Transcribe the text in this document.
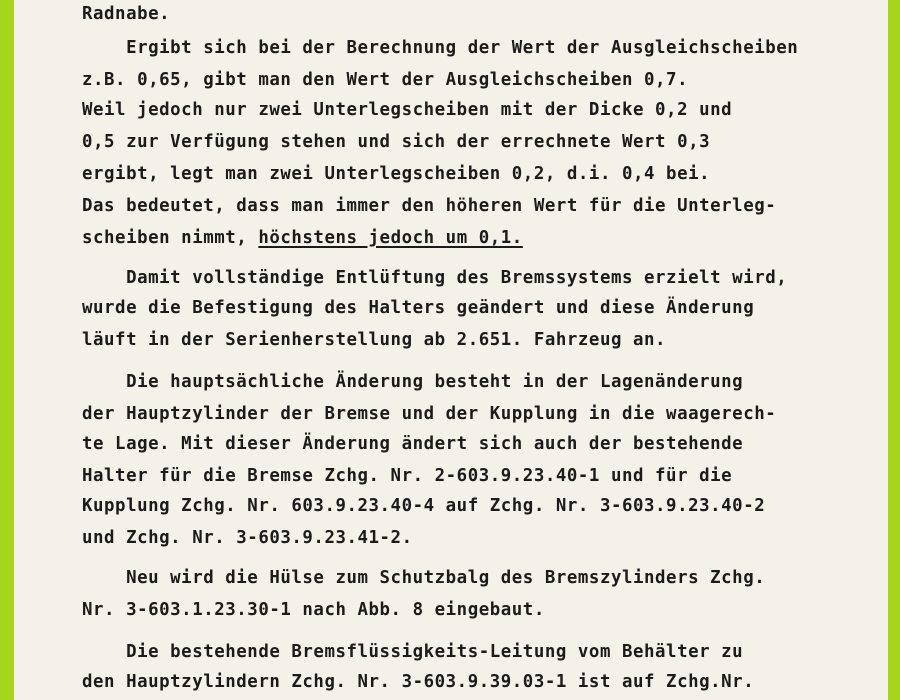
Radnabe.
Ergibt sich bei der Berechnung der Wert der Ausgleichscheiben
z.B. 0,65, gibt man den Wert der Ausgleichscheiben 0,7.
Weil jedoch nur zwei Unterlegscheiben mit der Dicke 0,2 und
0,5 zur Verfügung stehen und sich der errechnete Wert 0,3
ergibt, legt man zwei Unterlegscheiben 0,2, d.i. 0,4 bei.
Das bedeutet, dass man immer den höheren Wert für die Unterleg-
scheiben nimmt, höchstens jedoch um 0,1.
Damit vollständige Entlüftung des Bremssystems erzielt wird,
wurde die Befestigung des Halters geändert und diese Änderung
läuft in der Serienherstellung ab 2.651. Fahrzeug an.
Die hauptsächliche Änderung besteht in der Lagenänderung
der Hauptzylinder der Bremse und der Kupplung in die waagerech-
te Lage. Mit dieser Änderung ändert sich auch der bestehende
Halter für die Bremse Zchg. Nr. 2-603.9.23.40-1 und für die
Kupplung Zchg. Nr. 603.9.23.40-4 auf Zchg. Nr. 3-603.9.23.40-2
und Zchg. Nr. 3-603.9.23.41-2.
Neu wird die Hülse zum Schutzbalg des Bremszylinders Zchg.
Nr. 3-603.1.23.30-1 nach Abb. 8 eingebaut.
Die bestehende Bremsflüssigkeits-Leitung vom Behälter zu
den Hauptzylindern Zchg. Nr. 3-603.9.39.03-1 ist auf Zchg.Nr.
